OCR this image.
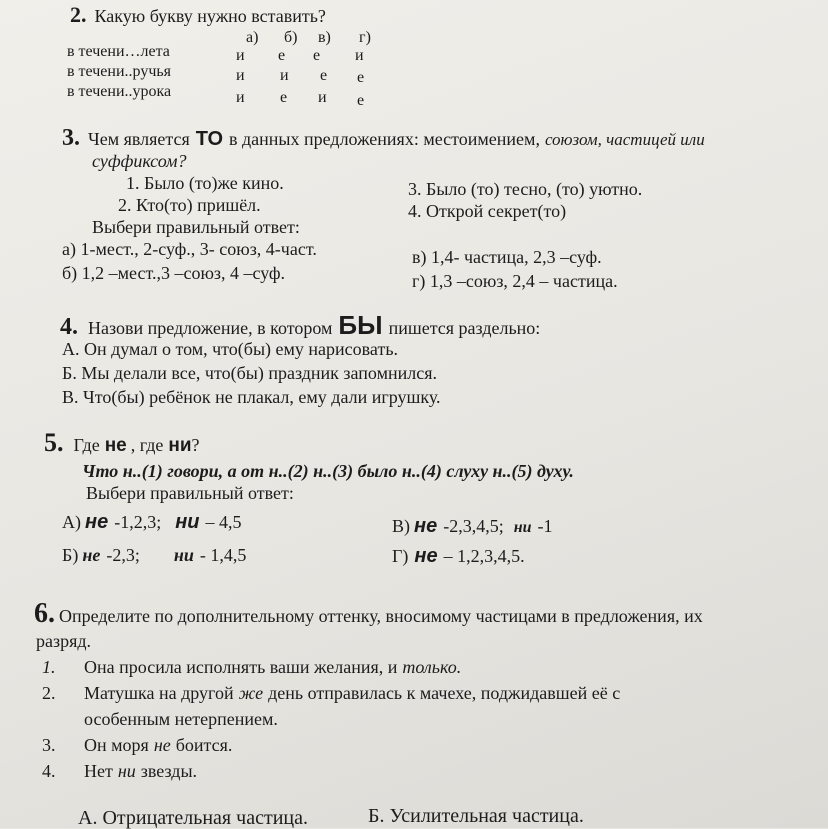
2. Какую букву нужно вставить?
а) б) в) г)
в течени…лета	и е е и
в течени..ручья	и и е е
в течени..урока	и е и е
3. Чем является ТО в данных предложениях: местоимением, союзом, частицей или
суффиксом?
1. Было (то)же кино.
2. Кто(то) пришёл.
3. Было (то) тесно, (то) уютно.
4. Открой секрет(то)
Выбери правильный ответ:
а) 1-мест., 2-суф., 3- союз, 4-част.
б) 1,2 –мест.,3 –союз, 4 –суф.
в) 1,4- частица, 2,3 –суф.
г) 1,3 –союз, 2,4 – частица.
4. Назови предложение, в котором БЫ пишется раздельно:
А. Он думал о том, что(бы) ему нарисовать.
Б. Мы делали все, что(бы) праздник запомнился.
В. Что(бы) ребёнок не плакал, ему дали игрушку.
5. Где не , где ни ?
Что н..(1) говори, а от н..(2) н..(3) было н..(4) слуху н..(5) духу.
Выбери правильный ответ:
А) не -1,2,3; ни – 4,5
Б) не -2,3; ни - 1,4,5
В) не -2,3,4,5; ни -1
Г) не – 1,2,3,4,5.
6. Определите по дополнительному оттенку, вносимому частицами в предложения, их
разряд.
1.	Она просила исполнять ваши желания, и только.
2.	Матушка на другой же день отправилась к мачехе, поджидавшей её с
особенным нетерпением.
3.	Он моря не боится.
4.	Нет ни звезды.
А. Отрицательная частица.	Б. Усилительная частица.
